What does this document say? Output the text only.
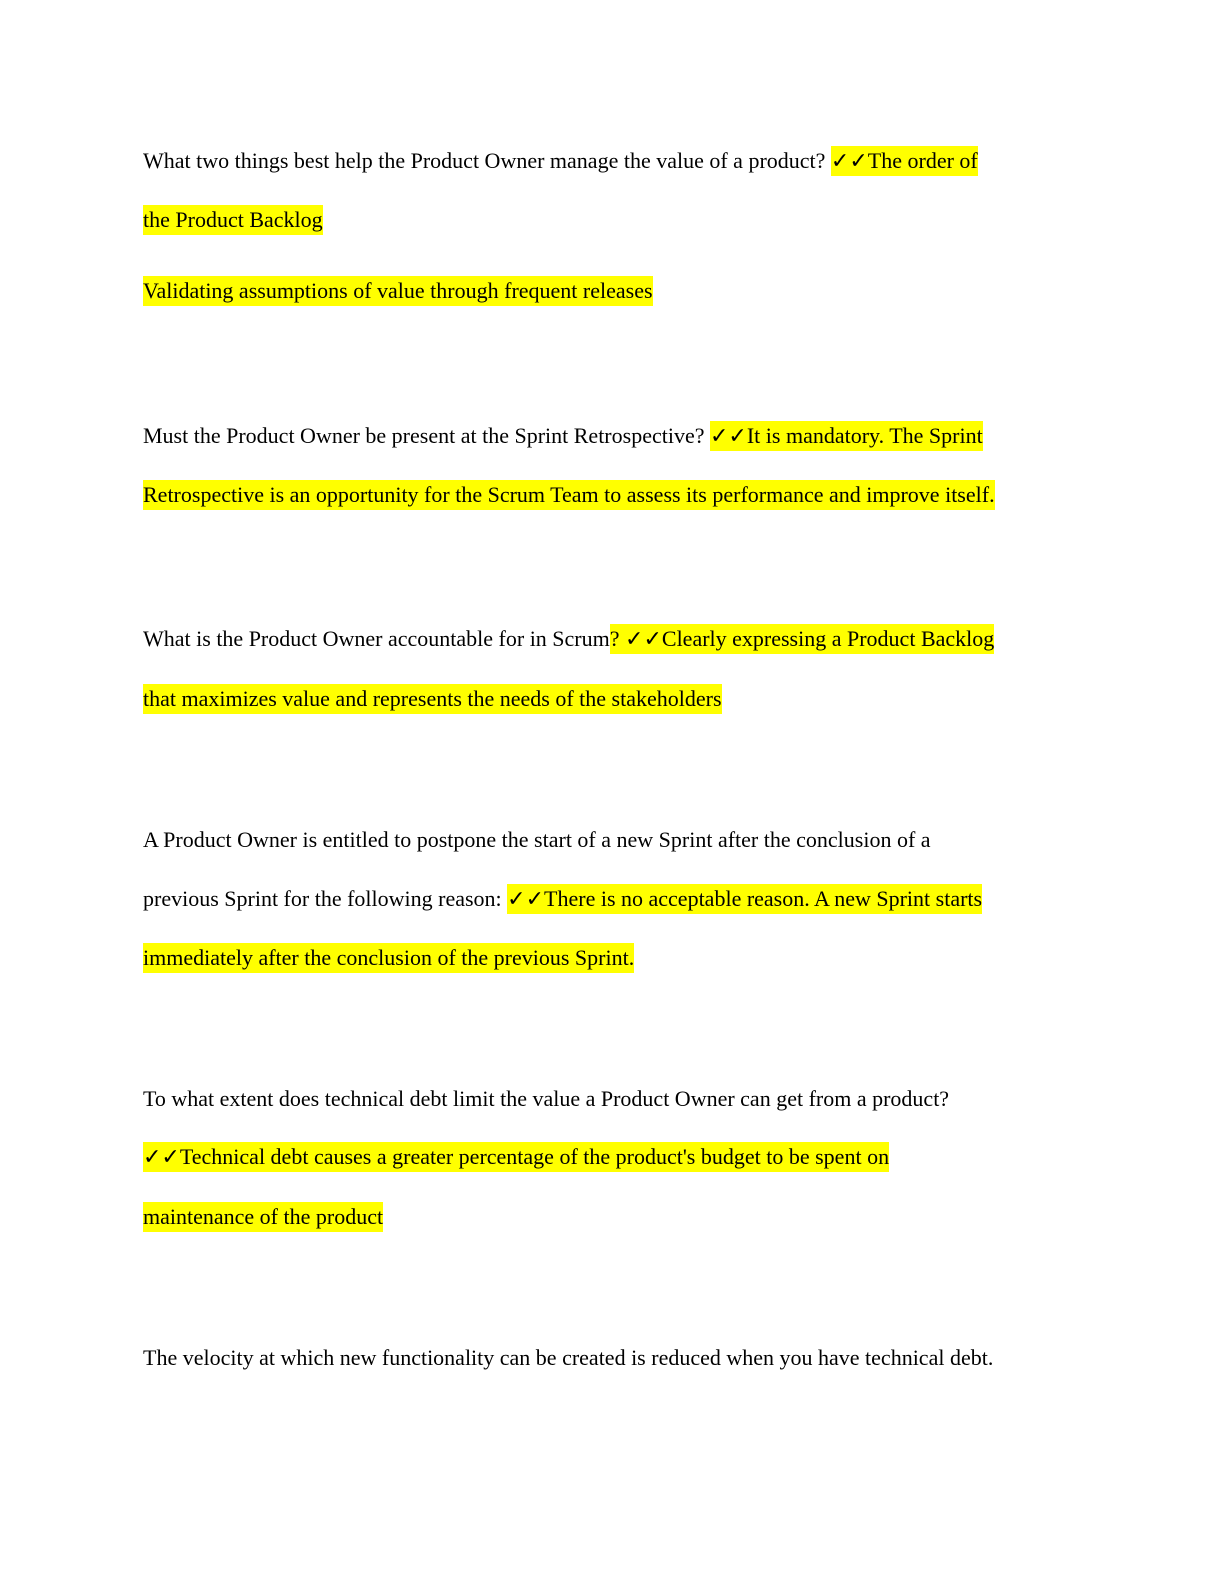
What two things best help the Product Owner manage the value of a product? ✓✓The order of
the Product Backlog
Validating assumptions of value through frequent releases
Must the Product Owner be present at the Sprint Retrospective? ✓✓It is mandatory. The Sprint
Retrospective is an opportunity for the Scrum Team to assess its performance and improve itself.
What is the Product Owner accountable for in Scrum? ✓✓Clearly expressing a Product Backlog
that maximizes value and represents the needs of the stakeholders
A Product Owner is entitled to postpone the start of a new Sprint after the conclusion of a
previous Sprint for the following reason: ✓✓There is no acceptable reason. A new Sprint starts
immediately after the conclusion of the previous Sprint.
To what extent does technical debt limit the value a Product Owner can get from a product?
✓✓Technical debt causes a greater percentage of the product's budget to be spent on
maintenance of the product
The velocity at which new functionality can be created is reduced when you have technical debt.
